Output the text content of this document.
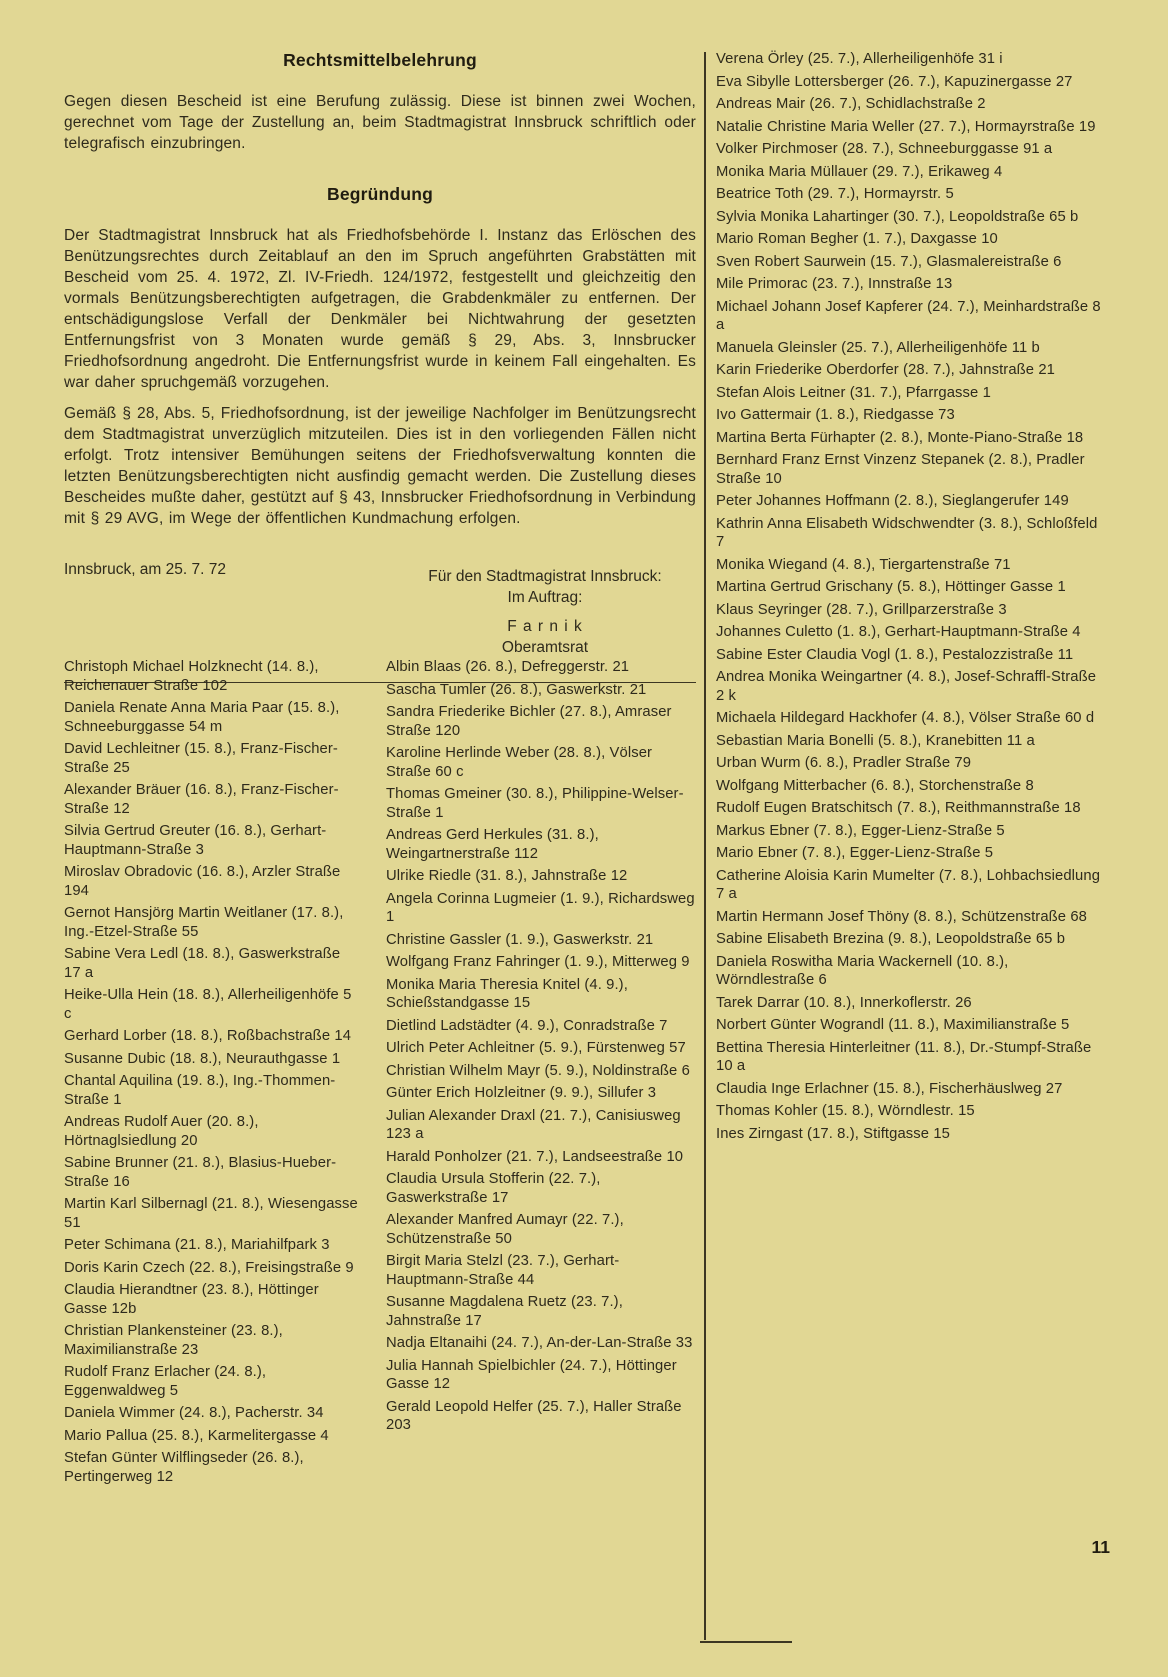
Rechtsmittelbelehrung

Gegen diesen Bescheid ist eine Berufung zulässig. Diese ist binnen zwei Wochen, gerechnet vom Tage der Zustellung an, beim Stadtmagistrat Innsbruck schriftlich oder telegrafisch einzubringen.

Begründung

Der Stadtmagistrat Innsbruck hat als Friedhofsbehörde I. Instanz das Erlöschen des Benützungsrechtes durch Zeitablauf an den im Spruch angeführten Grabstätten mit Bescheid vom 25. 4. 1972, Zl. IV-Friedh. 124/1972, festgestellt und gleichzeitig den vormals Benützungsberechtigten aufgetragen, die Grabdenkmäler zu entfernen. Der entschädigungslose Verfall der Denkmäler bei Nichtwahrung der gesetzten Entfernungsfrist von 3 Monaten wurde gemäß § 29, Abs. 3, Innsbrucker Friedhofsordnung angedroht. Die Entfernungsfrist wurde in keinem Fall eingehalten. Es war daher spruchgemäß vorzugehen.

Gemäß § 28, Abs. 5, Friedhofsordnung, ist der jeweilige Nachfolger im Benützungsrecht dem Stadtmagistrat unverzüglich mitzuteilen. Dies ist in den vorliegenden Fällen nicht erfolgt. Trotz intensiver Bemühungen seitens der Friedhofsverwaltung konnten die letzten Benützungsberechtigten nicht ausfindig gemacht werden. Die Zustellung dieses Bescheides mußte daher, gestützt auf § 43, Innsbrucker Friedhofsordnung in Verbindung mit § 29 AVG, im Wege der öffentlichen Kundmachung erfolgen.

Innsbruck, am 25. 7. 72	Für den Stadtmagistrat Innsbruck:

Im Auftrag:

F a r n i k

Oberamtsrat

Christoph Michael Holzknecht (14. 8.), Reichenauer Straße 102

Daniela Renate Anna Maria Paar (15. 8.), Schneeburggasse 54 m

David Lechleitner (15. 8.), Franz-Fischer-Straße 25

Alexander Bräuer (16. 8.), Franz-Fischer-Straße 12

Silvia Gertrud Greuter (16. 8.), Gerhart-Hauptmann-Straße 3

Miroslav Obradovic (16. 8.), Arzler Straße 194

Gernot Hansjörg Martin Weitlaner (17. 8.), Ing.-Etzel-Straße 55

Sabine Vera Ledl (18. 8.), Gaswerkstraße 17 a

Heike-Ulla Hein (18. 8.), Allerheiligenhöfe 5 c

Gerhard Lorber (18. 8.), Roßbachstraße 14

Susanne Dubic (18. 8.), Neurauthgasse 1

Chantal Aquilina (19. 8.), Ing.-Thommen-Straße 1

Andreas Rudolf Auer (20. 8.), Hörtnaglsiedlung 20

Sabine Brunner (21. 8.), Blasius-Hueber-Straße 16

Martin Karl Silbernagl (21. 8.), Wiesengasse 51

Peter Schimana (21. 8.), Mariahilfpark 3

Doris Karin Czech (22. 8.), Freisingstraße 9

Claudia Hierandtner (23. 8.), Höttinger Gasse 12b

Christian Plankensteiner (23. 8.), Maximilianstraße 23

Rudolf Franz Erlacher (24. 8.), Eggenwaldweg 5

Daniela Wimmer (24. 8.), Pacherstr. 34

Mario Pallua (25. 8.), Karmelitergasse 4

Stefan Günter Wilflingseder (26. 8.), Pertingerweg 12

Albin Blaas (26. 8.), Defreggerstr. 21

Sascha Tumler (26. 8.), Gaswerkstr. 21

Sandra Friederike Bichler (27. 8.), Amraser Straße 120

Karoline Herlinde Weber (28. 8.), Völser Straße 60 c

Thomas Gmeiner (30. 8.), Philippine-Welser-Straße 1

Andreas Gerd Herkules (31. 8.), Weingartnerstraße 112

Ulrike Riedle (31. 8.), Jahnstraße 12

Angela Corinna Lugmeier (1. 9.), Richardsweg 1

Christine Gassler (1. 9.), Gaswerkstr. 21

Wolfgang Franz Fahringer (1. 9.), Mitterweg 9

Monika Maria Theresia Knitel (4. 9.), Schießstandgasse 15

Dietlind Ladstädter (4. 9.), Conradstraße 7

Ulrich Peter Achleitner (5. 9.), Fürstenweg 57

Christian Wilhelm Mayr (5. 9.), Noldinstraße 6

Günter Erich Holzleitner (9. 9.), Sillufer 3

Julian Alexander Draxl (21. 7.), Canisiusweg 123 a

Harald Ponholzer (21. 7.), Landseestraße 10

Claudia Ursula Stofferin (22. 7.), Gaswerkstraße 17

Alexander Manfred Aumayr (22. 7.), Schützenstraße 50

Birgit Maria Stelzl (23. 7.), Gerhart-Hauptmann-Straße 44

Susanne Magdalena Ruetz (23. 7.), Jahnstraße 17

Nadja Eltanaihi (24. 7.), An-der-Lan-Straße 33

Julia Hannah Spielbichler (24. 7.), Höttinger Gasse 12

Gerald Leopold Helfer (25. 7.), Haller Straße 203

Verena Örley (25. 7.), Allerheiligenhöfe 31 i

Eva Sibylle Lottersberger (26. 7.), Kapuzinergasse 27

Andreas Mair (26. 7.), Schidlachstraße 2

Natalie Christine Maria Weller (27. 7.), Hormayrstraße 19

Volker Pirchmoser (28. 7.), Schneeburggasse 91 a

Monika Maria Müllauer (29. 7.), Erikaweg 4

Beatrice Toth (29. 7.), Hormayrstr. 5

Sylvia Monika Lahartinger (30. 7.), Leopoldstraße 65 b

Mario Roman Begher (1. 7.), Daxgasse 10

Sven Robert Saurwein (15. 7.), Glasmalereistraße 6

Mile Primorac (23. 7.), Innstraße 13

Michael Johann Josef Kapferer (24. 7.), Meinhardstraße 8 a

Manuela Gleinsler (25. 7.), Allerheiligenhöfe 11 b

Karin Friederike Oberdorfer (28. 7.), Jahnstraße 21

Stefan Alois Leitner (31. 7.), Pfarrgasse 1

Ivo Gattermair (1. 8.), Riedgasse 73

Martina Berta Fürhapter (2. 8.), Monte-Piano-Straße 18

Bernhard Franz Ernst Vinzenz Stepanek (2. 8.), Pradler Straße 10

Peter Johannes Hoffmann (2. 8.), Sieglangerufer 149

Kathrin Anna Elisabeth Widschwendter (3. 8.), Schloßfeld 7

Monika Wiegand (4. 8.), Tiergartenstraße 71

Martina Gertrud Grischany (5. 8.), Höttinger Gasse 1

Klaus Seyringer (28. 7.), Grillparzerstraße 3

Johannes Culetto (1. 8.), Gerhart-Hauptmann-Straße 4

Sabine Ester Claudia Vogl (1. 8.), Pestalozzistraße 11

Andrea Monika Weingartner (4. 8.), Josef-Schraffl-Straße 2 k

Michaela Hildegard Hackhofer (4. 8.), Völser Straße 60 d

Sebastian Maria Bonelli (5. 8.), Kranebitten 11 a

Urban Wurm (6. 8.), Pradler Straße 79

Wolfgang Mitterbacher (6. 8.), Storchenstraße 8

Rudolf Eugen Bratschitsch (7. 8.), Reithmannstraße 18

Markus Ebner (7. 8.), Egger-Lienz-Straße 5

Mario Ebner (7. 8.), Egger-Lienz-Straße 5

Catherine Aloisia Karin Mumelter (7. 8.), Lohbachsiedlung 7 a

Martin Hermann Josef Thöny (8. 8.), Schützenstraße 68

Sabine Elisabeth Brezina (9. 8.), Leopoldstraße 65 b

Daniela Roswitha Maria Wackernell (10. 8.), Wörndlestraße 6

Tarek Darrar (10. 8.), Innerkoflerstr. 26

Norbert Günter Wograndl (11. 8.), Maximilianstraße 5

Bettina Theresia Hinterleitner (11. 8.), Dr.-Stumpf-Straße 10 a

Claudia Inge Erlachner (15. 8.), Fischerhäuslweg 27

Thomas Kohler (15. 8.), Wörndlestr. 15

Ines Zirngast (17. 8.), Stiftgasse 15

11
